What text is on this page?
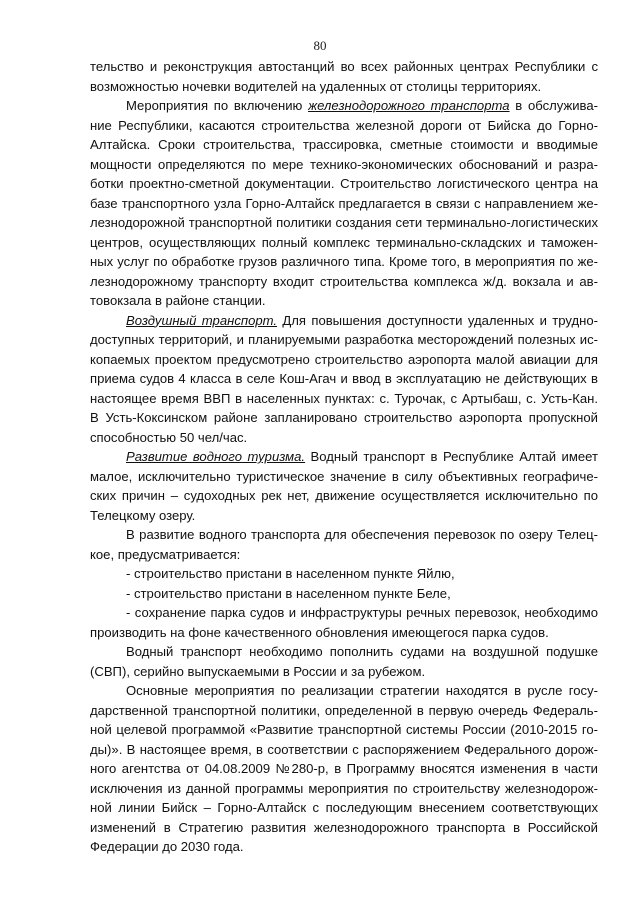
80

тельство и реконструкция автостанций во всех районных центрах Республики с возможностью ночевки водителей на удаленных от столицы территориях.

Мероприятия по включению железнодорожного транспорта в обслуживание Республики, касаются строительства железной дороги от Бийска до Горно-Алтайска. Сроки строительства, трассировка, сметные стоимости и вводимые мощности определяются по мере технико-экономических обоснований и разработки проектно-сметной документации. Строительство логистического центра на базе транспортного узла Горно-Алтайск предлагается в связи с направлением железнодорожной транспортной политики создания сети терминально-логистических центров, осуществляющих полный комплекс терминально-складских и таможенных услуг по обработке грузов различного типа. Кроме того, в мероприятия по железнодорожному транспорту входит строительства комплекса ж/д. вокзала и автовокзала в районе станции.

Воздушный транспорт. Для повышения доступности удаленных и труднодоступных территорий, и планируемыми разработка месторождений полезных ископаемых проектом предусмотрено строительство аэропорта малой авиации для приема судов 4 класса в селе Кош-Агач и ввод в эксплуатацию не действующих в настоящее время ВВП в населенных пунктах: с. Турочак, с Артыбаш, с. Усть-Кан. В Усть-Коксинском районе запланировано строительство аэропорта пропускной способностью 50 чел/час.

Развитие водного туризма. Водный транспорт в Республике Алтай имеет малое, исключительно туристическое значение в силу объективных географических причин – судоходных рек нет, движение осуществляется исключительно по Телецкому озеру.

В развитие водного транспорта для обеспечения перевозок по озеру Телецкое, предусматривается:

- строительство пристани в населенном пункте Яйлю,

- строительство пристани в населенном пункте Беле,

- сохранение парка судов и инфраструктуры речных перевозок, необходимо производить на фоне качественного обновления имеющегося парка судов.

Водный транспорт необходимо пополнить судами на воздушной подушке (СВП), серийно выпускаемыми в России и за рубежом.

Основные мероприятия по реализации стратегии находятся в русле государственной транспортной политики, определенной в первую очередь Федеральной целевой программой «Развитие транспортной системы России (2010-2015 годы)». В настоящее время, в соответствии с распоряжением Федерального дорожного агентства от 04.08.2009 №280-р, в Программу вносятся изменения в части исключения из данной программы мероприятия по строительству железнодорожной линии Бийск – Горно-Алтайск с последующим внесением соответствующих изменений в Стратегию развития железнодорожного транспорта в Российской Федерации до 2030 года.
